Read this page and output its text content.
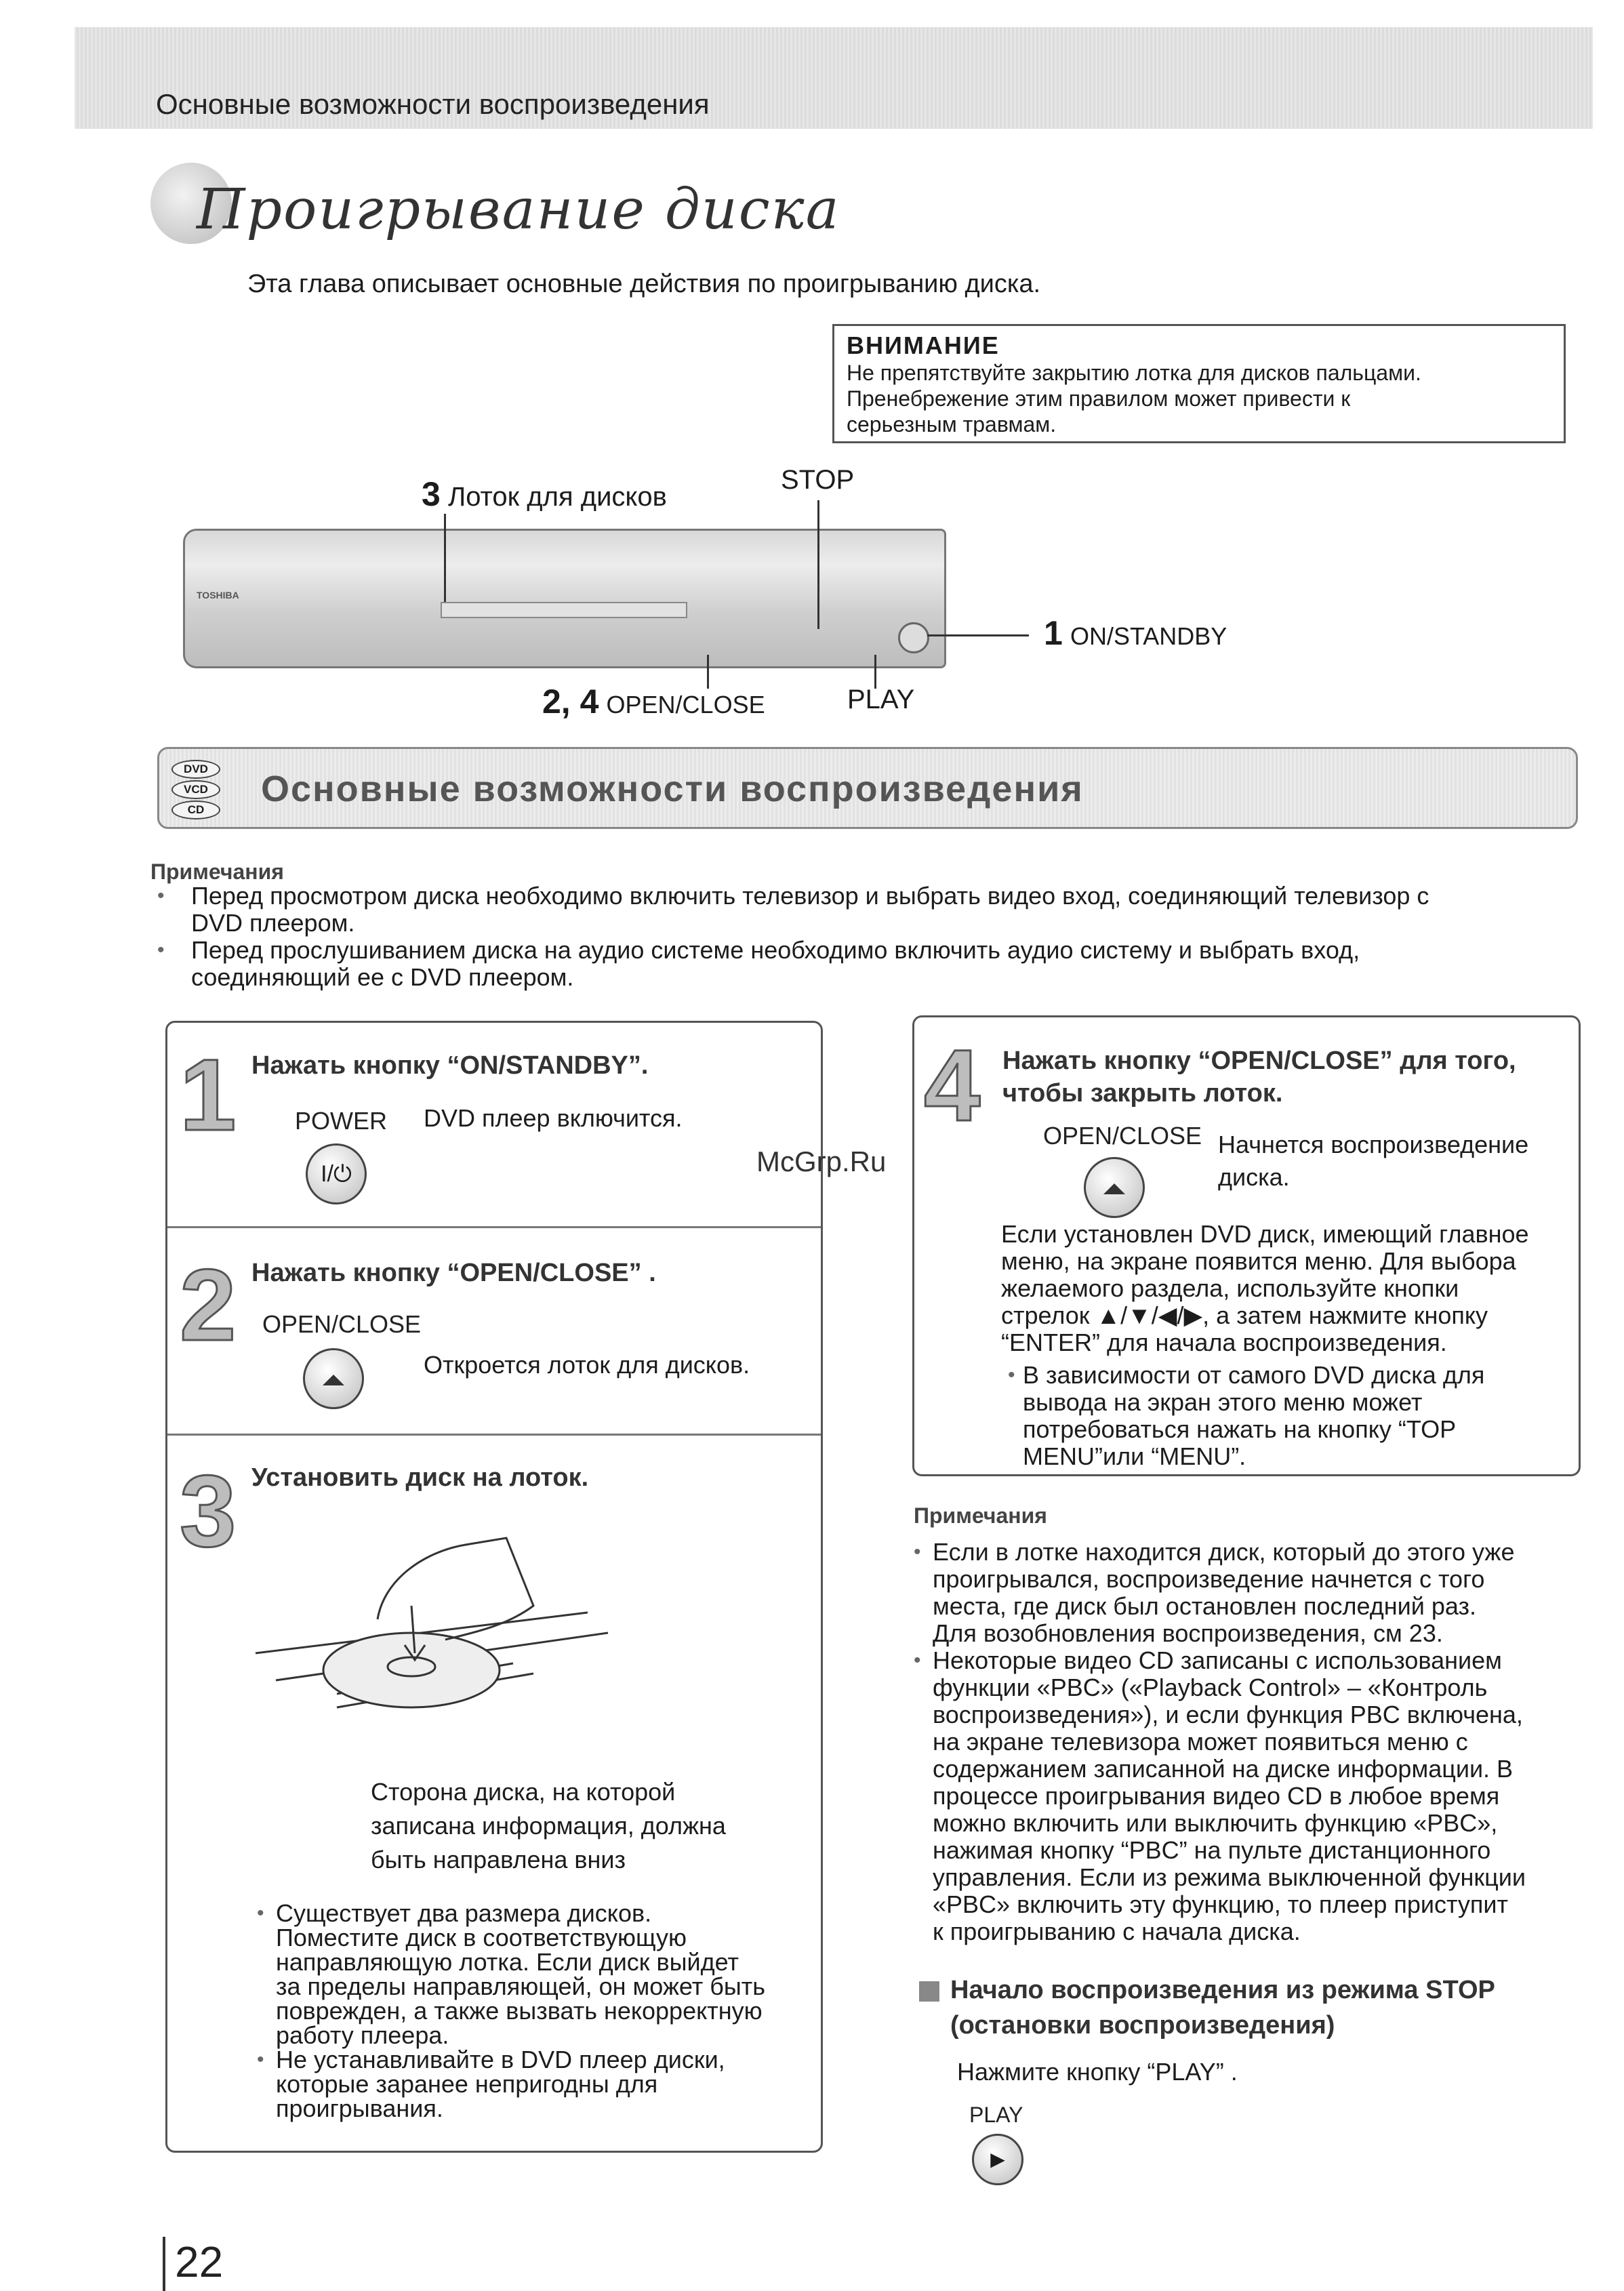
Основные возможности воспроизведения
Проигрывание диска
Эта глава описывает основные действия по проигрыванию диска.
ВНИМАНИЕ
Не препятствуйте закрытию лотка для дисков пальцами.
Пренебрежение этим правилом может привести к
серьезным травмам.
TOSHIBA
3 Лоток для дисков
STOP
1 ON/STANDBY
2, 4 OPEN/CLOSE	PLAY
DVD
VCD
CD
Основные возможности воспроизведения
Примечания
• Перед просмотром диска необходимо включить телевизор и выбрать видео вход, соединяющий телевизор с
DVD плеером.
• Перед прослушиванием диска на аудио системе необходимо включить аудио систему и выбрать вход,
соединяющий ее с DVD плеером.
1 Нажать кнопку “ON/STANDBY”.
POWER
I/⏻
DVD плеер включится.
2 Нажать кнопку “OPEN/CLOSE” .
OPEN/CLOSE
Откроется лоток для дисков.
3 Установить диск на лоток.
Сторона диска, на которой
записана информация, должна
быть направлена вниз
• Существует два размера дисков.
Поместите диск в соответствующую
направляющую лотка. Если диск выйдет
за пределы направляющей, он может быть
поврежден, а также вызвать некорректную
работу плеера.
• Не устанавливайте в DVD плеер диски,
которые заранее непригодны для
проигрывания.
4 Нажать кнопку “OPEN/CLOSE” для того,
чтобы закрыть лоток.
OPEN/CLOSE Начнется воспроизведение
диска.
Если установлен DVD диск, имеющий главное
меню, на экране появится меню. Для выбора
желаемого раздела, используйте кнопки
стрелок ▲/▼/◀/▶, а затем нажмите кнопку
“ENTER” для начала воспроизведения.
• В зависимости от самого DVD диска для
вывода на экран этого меню может
потребоваться нажать на кнопку “TOP
MENU”или “MENU”.
McGrp.Ru
Примечания
• Если в лотке находится диск, который до этого уже
проигрывался, воспроизведение начнется с того
места, где диск был остановлен последний раз.
Для возобновления воспроизведения, см 23.
• Некоторые видео CD записаны с использованием
функции «PBC» («Playback Control» – «Контроль
воспроизведения»), и если функция PBC включена,
на экране телевизора может появиться меню с
содержанием записанной на диске информации. В
процессе проигрывания видео CD в любое время
можно включить или выключить функцию «PBC»,
нажимая кнопку “PBC” на пульте дистанционного
управления. Если из режима выключенной функции
«PBC» включить эту функцию, то плеер приступит
к проигрыванию с начала диска.
Начало воспроизведения из режима STOP
(остановки воспроизведения)
Нажмите кнопку “PLAY” .
PLAY
▶
22
